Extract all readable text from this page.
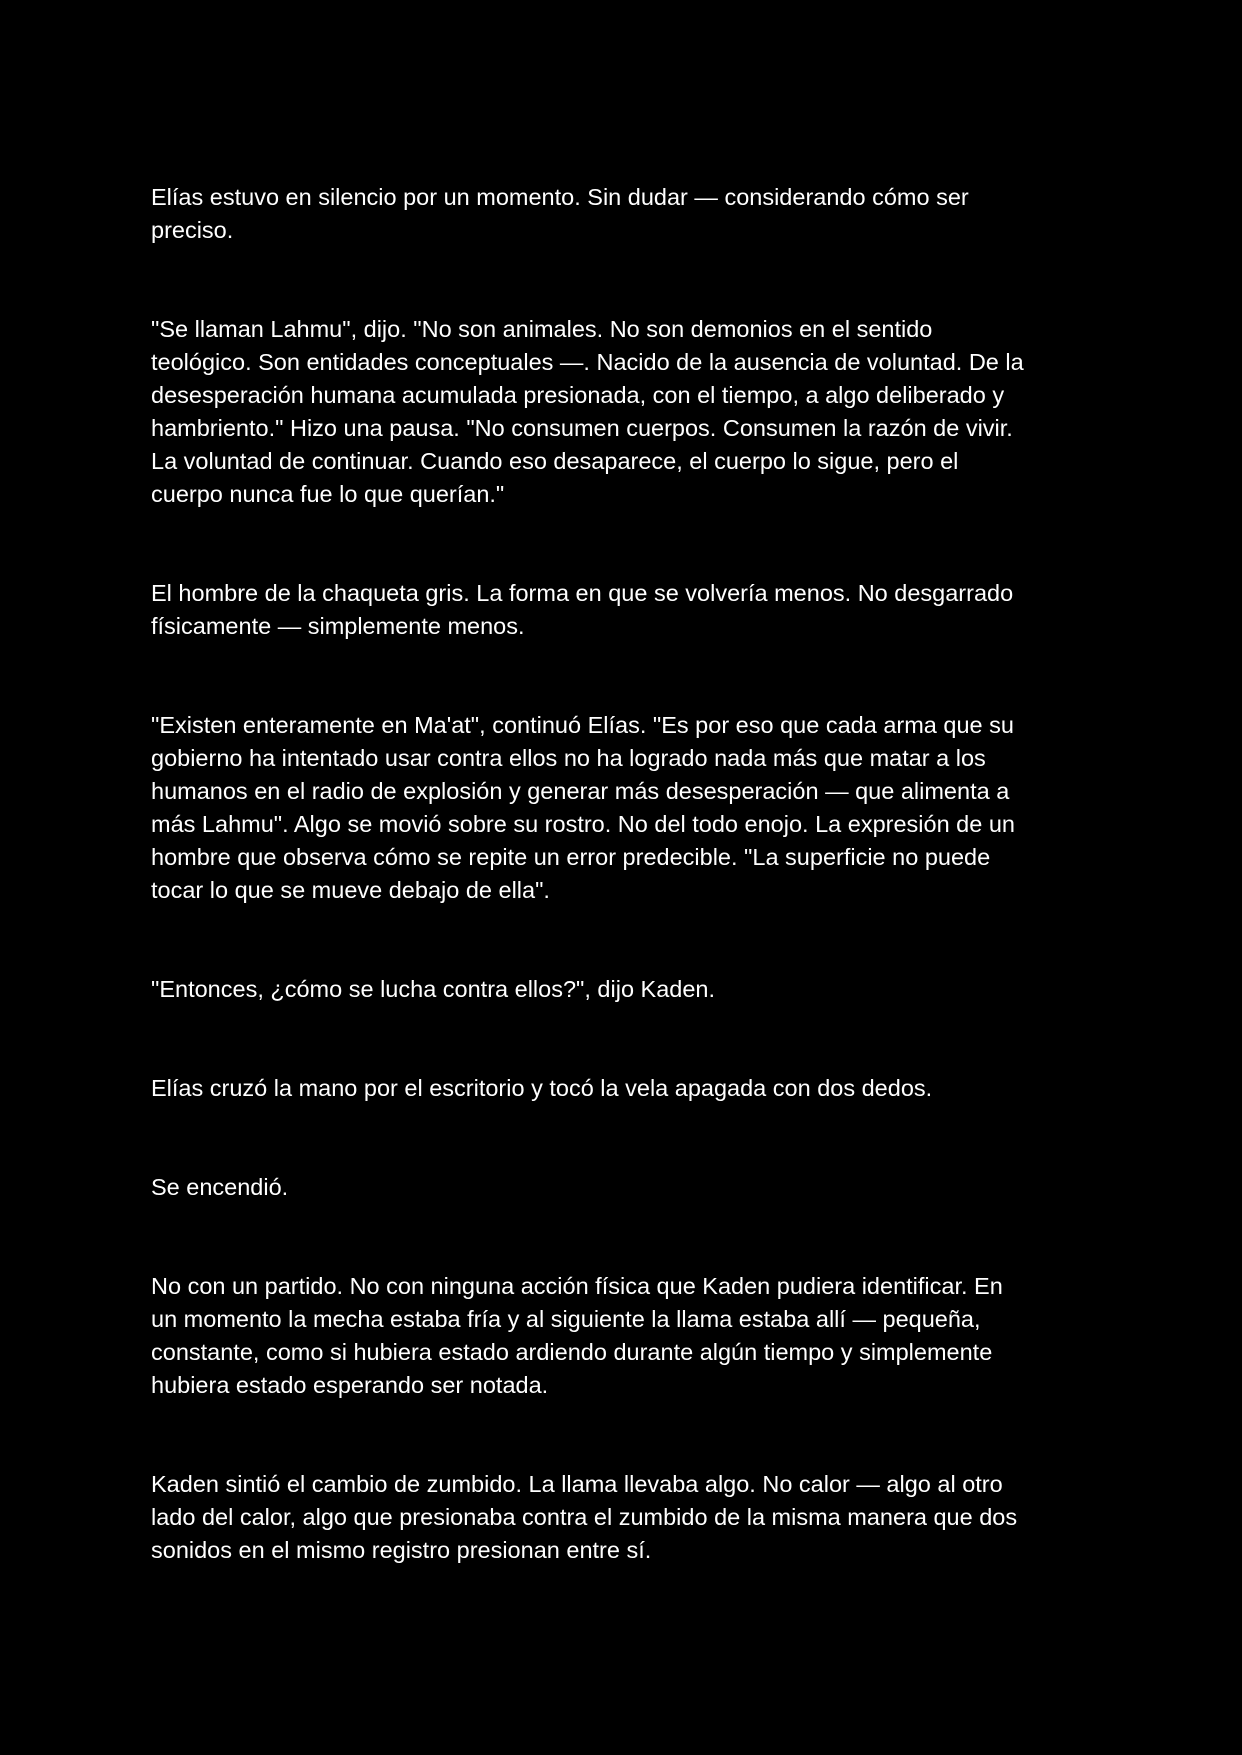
Elías estuvo en silencio por un momento. Sin dudar — considerando cómo ser
preciso.

"Se llaman Lahmu", dijo. "No son animales. No son demonios en el sentido
teológico. Son entidades conceptuales —. Nacido de la ausencia de voluntad. De la
desesperación humana acumulada presionada, con el tiempo, a algo deliberado y
hambriento." Hizo una pausa. "No consumen cuerpos. Consumen la razón de vivir.
La voluntad de continuar. Cuando eso desaparece, el cuerpo lo sigue, pero el
cuerpo nunca fue lo que querían."

El hombre de la chaqueta gris. La forma en que se volvería menos. No desgarrado
físicamente — simplemente menos.

"Existen enteramente en Ma'at", continuó Elías. "Es por eso que cada arma que su
gobierno ha intentado usar contra ellos no ha logrado nada más que matar a los
humanos en el radio de explosión y generar más desesperación — que alimenta a
más Lahmu". Algo se movió sobre su rostro. No del todo enojo. La expresión de un
hombre que observa cómo se repite un error predecible. "La superficie no puede
tocar lo que se mueve debajo de ella".

"Entonces, ¿cómo se lucha contra ellos?", dijo Kaden.

Elías cruzó la mano por el escritorio y tocó la vela apagada con dos dedos.

Se encendió.

No con un partido. No con ninguna acción física que Kaden pudiera identificar. En
un momento la mecha estaba fría y al siguiente la llama estaba allí — pequeña,
constante, como si hubiera estado ardiendo durante algún tiempo y simplemente
hubiera estado esperando ser notada.

Kaden sintió el cambio de zumbido. La llama llevaba algo. No calor — algo al otro
lado del calor, algo que presionaba contra el zumbido de la misma manera que dos
sonidos en el mismo registro presionan entre sí.
